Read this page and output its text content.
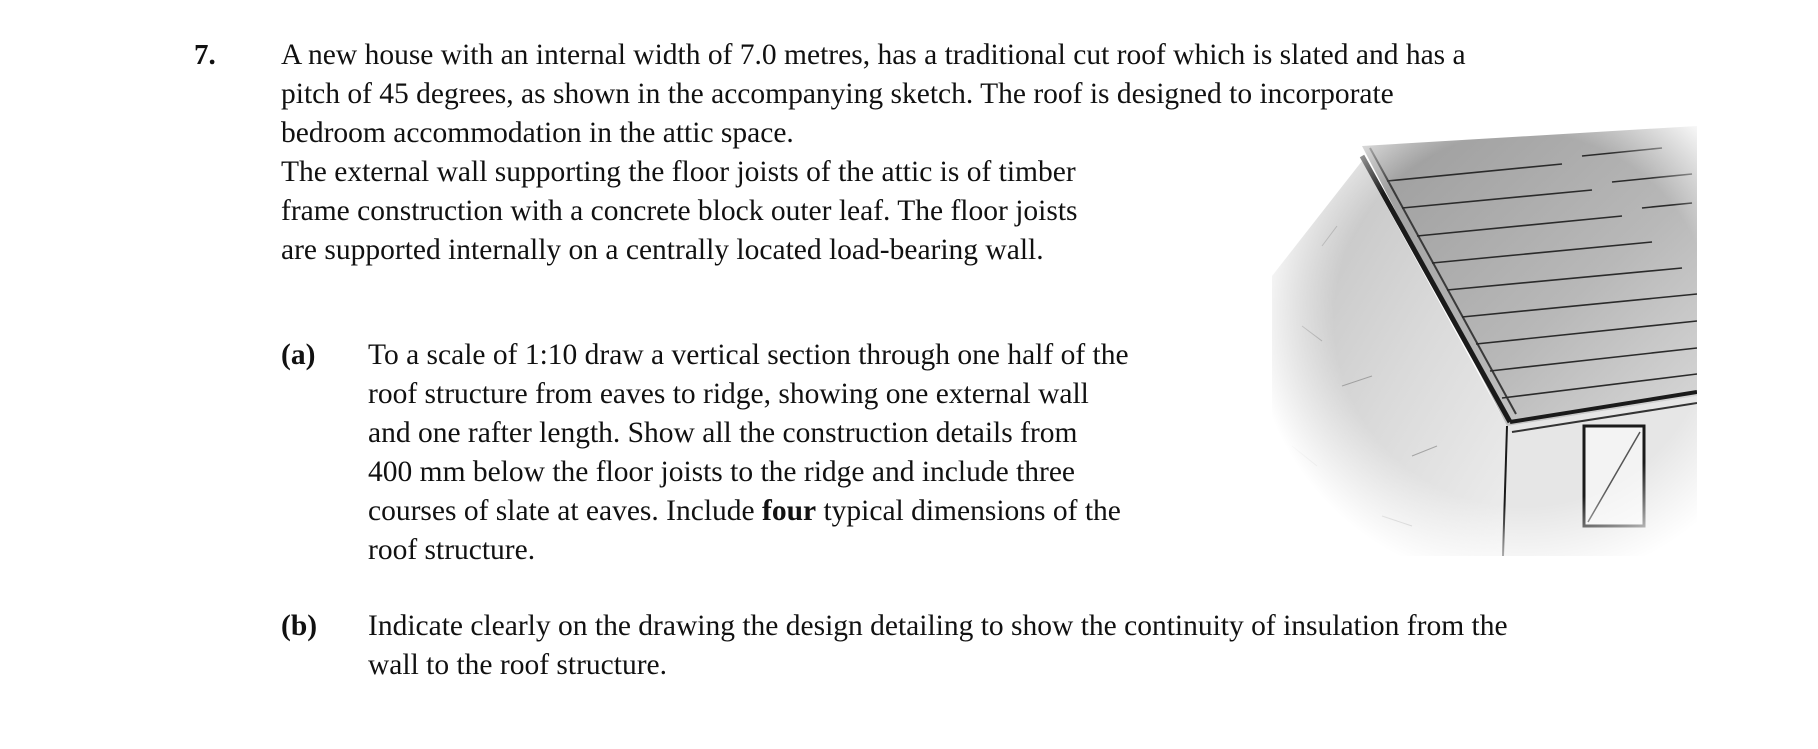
7. A new house with an internal width of 7.0 metres, has a traditional cut roof which is slated and has a
pitch of 45 degrees, as shown in the accompanying sketch. The roof is designed to incorporate
bedroom accommodation in the attic space.
The external wall supporting the floor joists of the attic is of timber
frame construction with a concrete block outer leaf. The floor joists
are supported internally on a centrally located load-bearing wall.
(a) To a scale of 1:10 draw a vertical section through one half of the
roof structure from eaves to ridge, showing one external wall
and one rafter length. Show all the construction details from
400 mm below the floor joists to the ridge and include three
courses of slate at eaves. Include four typical dimensions of the
roof structure.
(b) Indicate clearly on the drawing the design detailing to show the continuity of insulation from the
wall to the roof structure.
